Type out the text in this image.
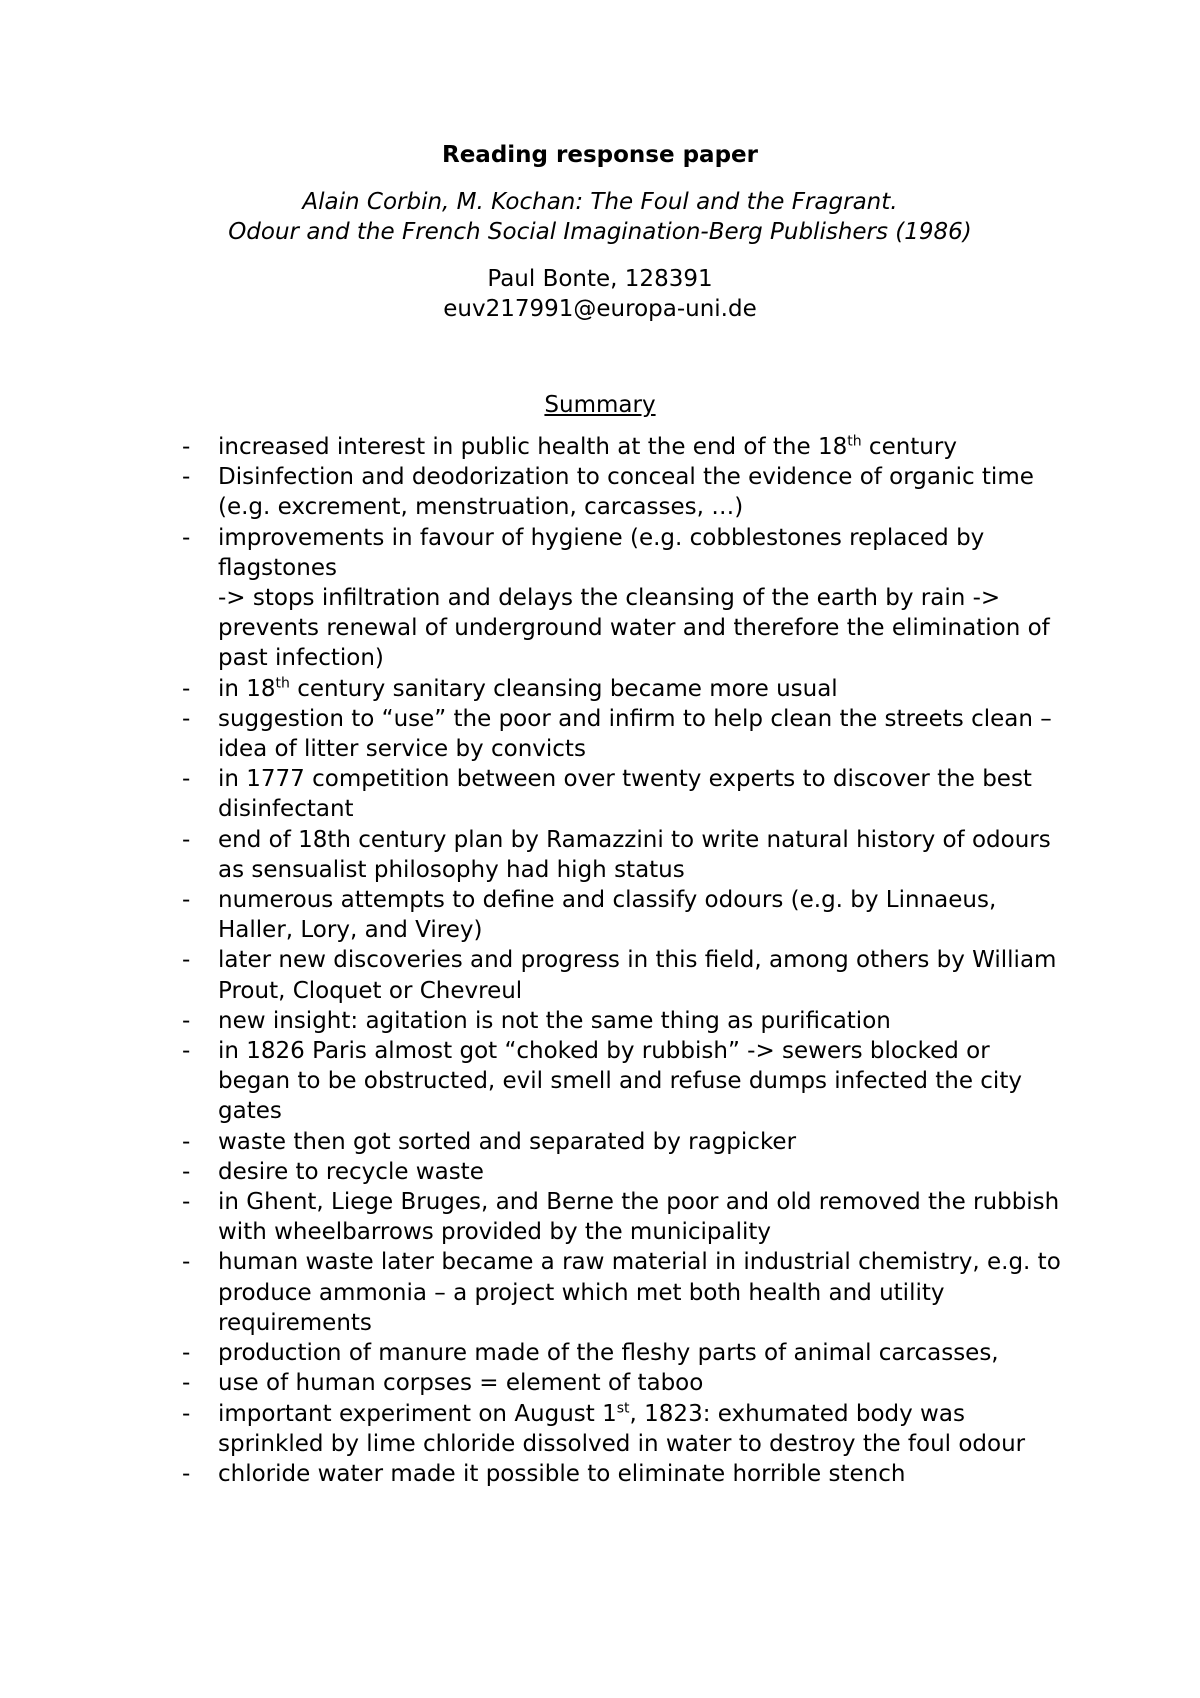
Reading response paper
Alain Corbin, M. Kochan: The Foul and the Fragrant.
Odour and the French Social Imagination-Berg Publishers (1986)
Paul Bonte, 128391
euv217991@europa-uni.de
Summary
- increased interest in public health at the end of the 18th century
- Disinfection and deodorization to conceal the evidence of organic time
(e.g. excrement, menstruation, carcasses, …)
- improvements in favour of hygiene (e.g. cobblestones replaced by flagstones
-> stops infiltration and delays the cleansing of the earth by rain -> prevents renewal of underground water and therefore the elimination of past infection)
- in 18th century sanitary cleansing became more usual
- suggestion to “use” the poor and infirm to help clean the streets clean – idea of litter service by convicts
- in 1777 competition between over twenty experts to discover the best disinfectant
- end of 18th century plan by Ramazzini to write natural history of odours as sensualist philosophy had high status
- numerous attempts to define and classify odours (e.g. by Linnaeus, Haller, Lory, and Virey)
- later new discoveries and progress in this field, among others by William Prout, Cloquet or Chevreul
- new insight: agitation is not the same thing as purification
- in 1826 Paris almost got “choked by rubbish” -> sewers blocked or began to be obstructed, evil smell and refuse dumps infected the city gates
- waste then got sorted and separated by ragpicker
- desire to recycle waste
- in Ghent, Liege Bruges, and Berne the poor and old removed the rubbish with wheelbarrows provided by the municipality
- human waste later became a raw material in industrial chemistry, e.g. to produce ammonia – a project which met both health and utility requirements
- production of manure made of the fleshy parts of animal carcasses,
- use of human corpses = element of taboo
- important experiment on August 1st, 1823: exhumated body was sprinkled by lime chloride dissolved in water to destroy the foul odour
- chloride water made it possible to eliminate horrible stench
